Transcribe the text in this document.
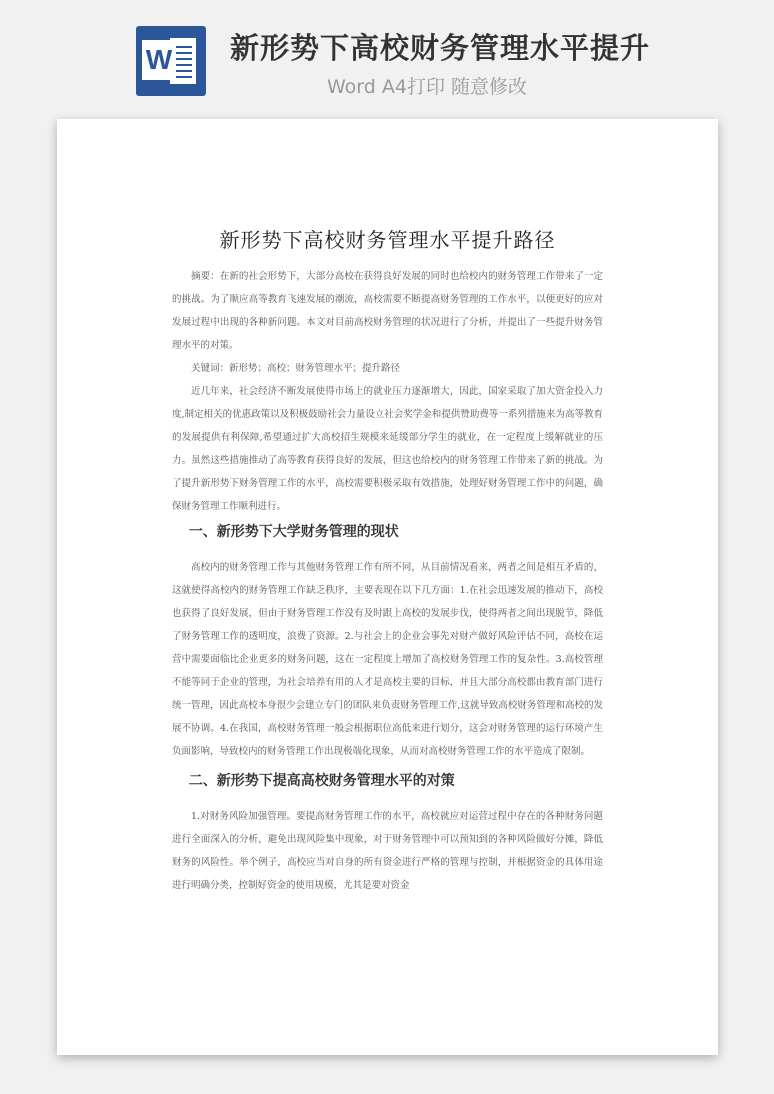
W 新形势下高校财务管理水平提升
Word A4打印 随意修改
新形势下高校财务管理水平提升路径

摘要：在新的社会形势下，大部分高校在获得良好发展的同时也给校内的财务管理工作带来了一定的挑战。为了顺应高等教育飞速发展的潮流，高校需要不断提高财务管理的工作水平，以便更好的应对发展过程中出现的各种新问题。本文对目前高校财务管理的状况进行了分析，并提出了一些提升财务管理水平的对策。

关键词：新形势；高校；财务管理水平；提升路径

近几年来，社会经济不断发展使得市场上的就业压力逐渐增大，因此，国家采取了加大资金投入力度,制定相关的优惠政策以及积极鼓励社会力量设立社会奖学金和提供赞助费等一系列措施来为高等教育的发展提供有利保障,希望通过扩大高校招生规模来延缓部分学生的就业，在一定程度上缓解就业的压力。虽然这些措施推动了高等教育获得良好的发展，但这也给校内的财务管理工作带来了新的挑战。为了提升新形势下财务管理工作的水平，高校需要积极采取有效措施，处理好财务管理工作中的问题，确保财务管理工作顺利进行。

一、新形势下大学财务管理的现状

高校内的财务管理工作与其他财务管理工作有所不同，从目前情况看来，两者之间是相互矛盾的，这就使得高校内的财务管理工作缺乏秩序，主要表现在以下几方面：1.在社会迅速发展的推动下，高校也获得了良好发展，但由于财务管理工作没有及时跟上高校的发展步伐，使得两者之间出现脱节，降低了财务管理工作的透明度，浪费了资源。2.与社会上的企业会事先对财产做好风险评估不同，高校在运营中需要面临比企业更多的财务问题，这在一定程度上增加了高校财务管理工作的复杂性。3.高校管理不能等同于企业的管理，为社会培养有用的人才是高校主要的目标，并且大部分高校都由教育部门进行统一管理，因此高校本身很少会建立专门的团队来负责财务管理工作,这就导致高校财务管理和高校的发展不协调。4.在我国，高校财务管理一般会根据职位高低来进行划分，这会对财务管理的运行环境产生负面影响，导致校内的财务管理工作出现极端化现象，从而对高校财务管理工作的水平造成了限制。

二、新形势下提高高校财务管理水平的对策

1.对财务风险加强管理。要提高财务管理工作的水平，高校就应对运营过程中存在的各种财务问题进行全面深入的分析，避免出现风险集中现象，对于财务管理中可以预知到的各种风险做好分摊，降低财务的风险性。举个例子，高校应当对自身的所有资金进行严格的管理与控制，并根据资金的具体用途进行明确分类，控制好资金的使用规模，尤其是要对资金
